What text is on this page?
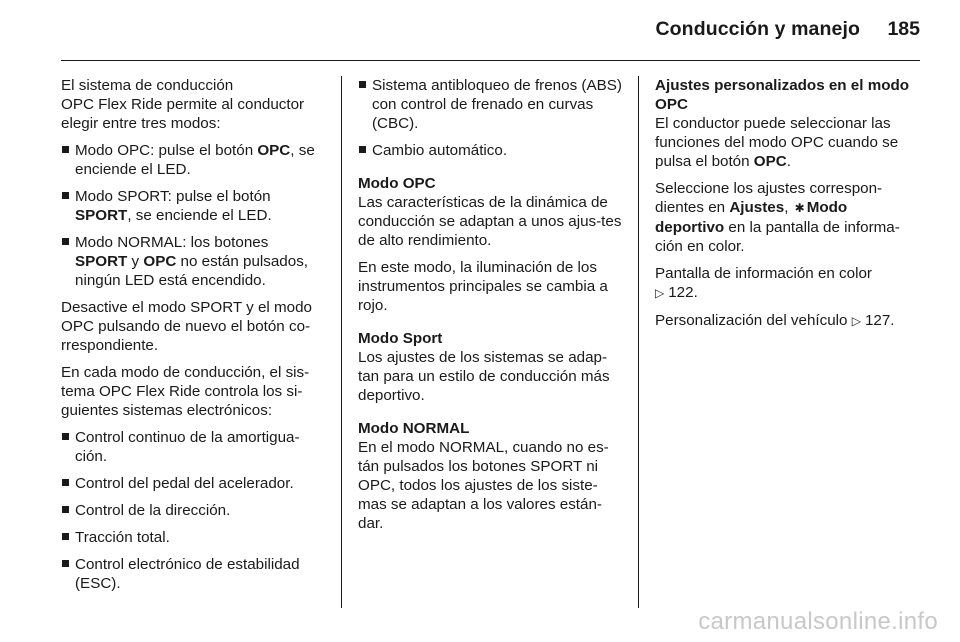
Conducción y manejo 185

El sistema de conducción
OPC Flex Ride permite al conductor elegir entre tres modos:

Modo OPC: pulse el botón OPC, se enciende el LED.
Modo SPORT: pulse el botón
SPORT, se enciende el LED.
Modo NORMAL: los botones
SPORT y OPC no están pulsados, ningún LED está encendido.

Desactive el modo SPORT y el modo OPC pulsando de nuevo el botón co-rrespondiente.

En cada modo de conducción, el sis-tema OPC Flex Ride controla los si-guientes sistemas electrónicos:

Control continuo de la amortigua-ción.
Control del pedal del acelerador.
Control de la dirección.
Tracción total.
Control electrónico de estabilidad (ESC).
Sistema antibloqueo de frenos (ABS) con control de frenado en curvas (CBC).
Cambio automático.
Modo OPC

Las características de la dinámica de conducción se adaptan a unos ajus-tes de alto rendimiento.

En este modo, la iluminación de los instrumentos principales se cambia a rojo.

Modo Sport

Los ajustes de los sistemas se adap-tan para un estilo de conducción más deportivo.

Modo NORMAL

En el modo NORMAL, cuando no es-tán pulsados los botones SPORT ni OPC, todos los ajustes de los siste-mas se adaptan a los valores están-dar.

Ajustes personalizados en el modo OPC

El conductor puede seleccionar las funciones del modo OPC cuando se pulsa el botón OPC.

Seleccione los ajustes correspon-dientes en Ajustes, ✱ Modo deportivo en la pantalla de informa-ción en color.

Pantalla de información en color
▷ 122.

Personalización del vehículo ▷ 127.

carmanualsonline.info
